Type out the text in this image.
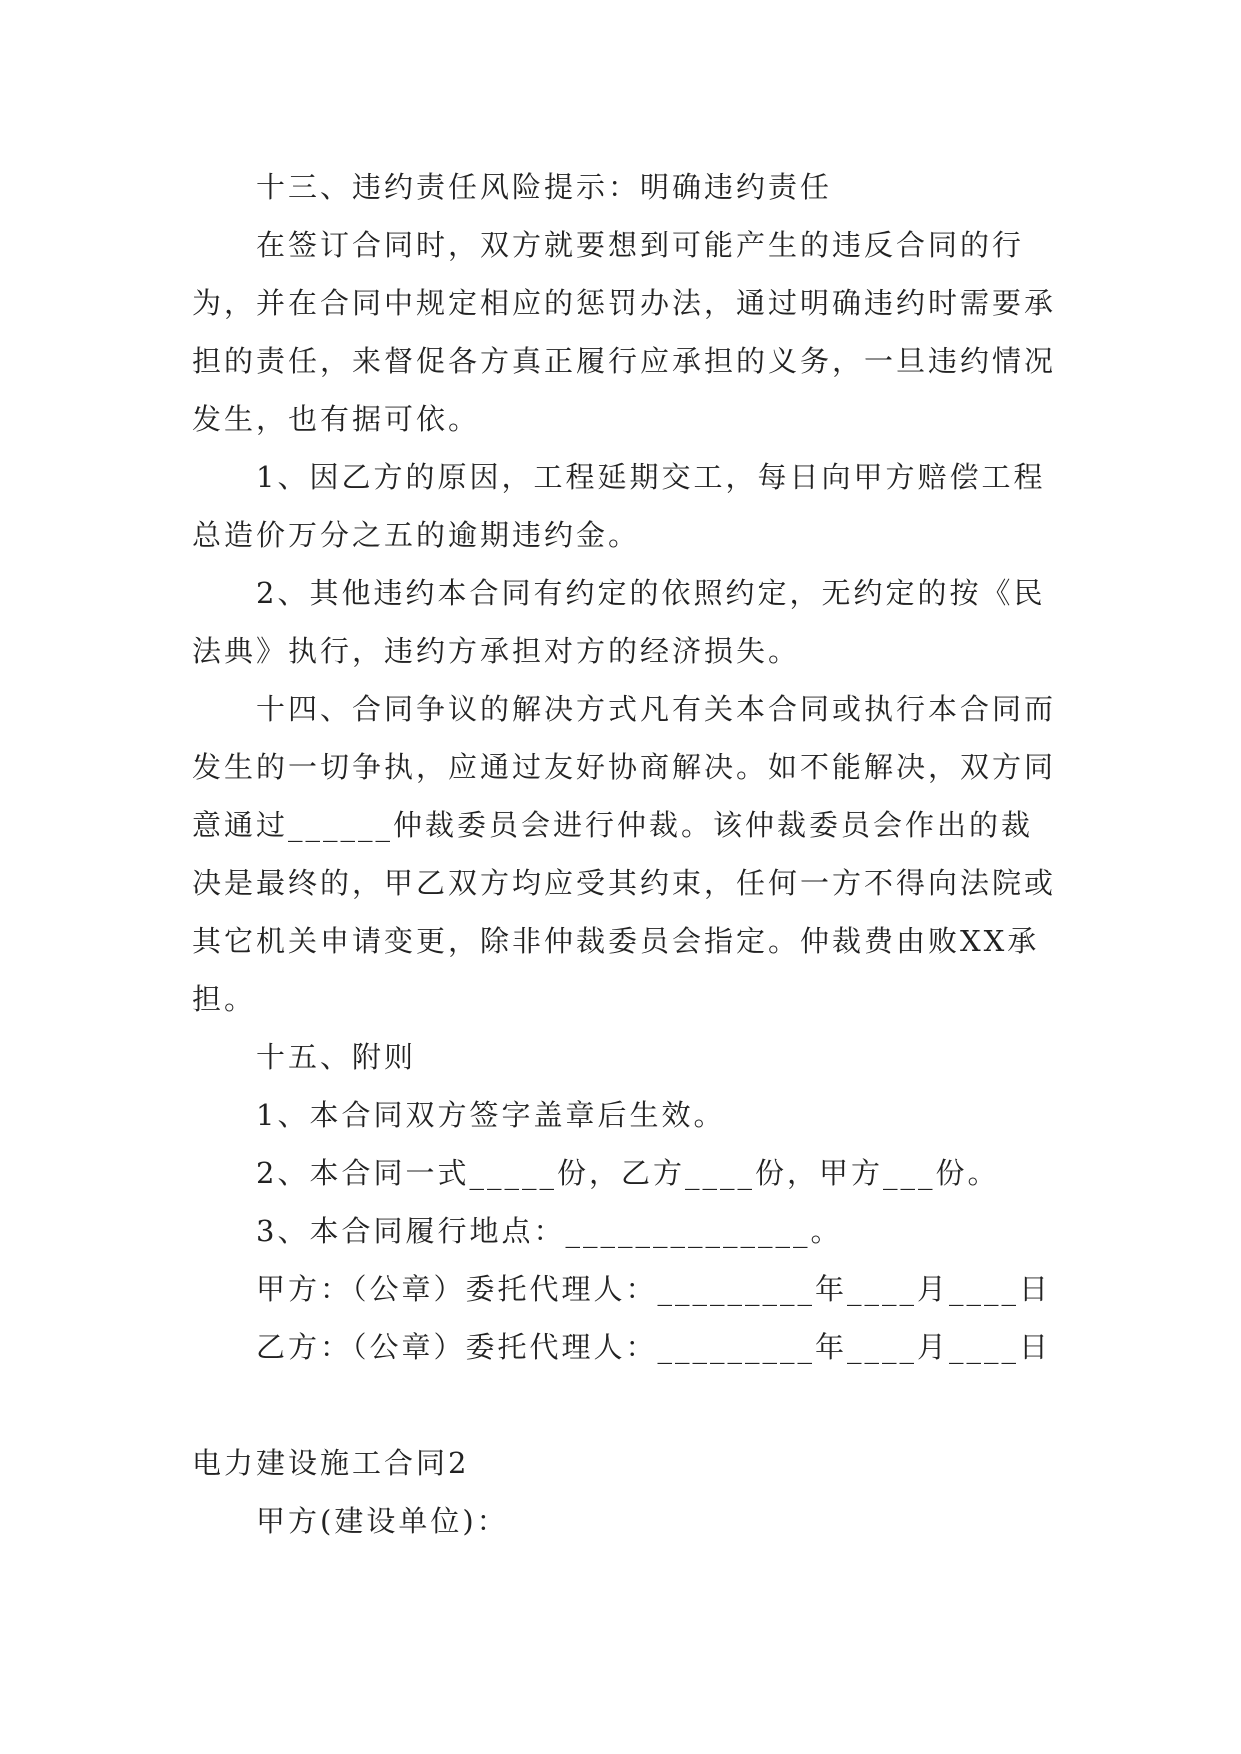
十三、违约责任风险提示：明确违约责任

在签订合同时，双方就要想到可能产生的违反合同的行为，并在合同中规定相应的惩罚办法，通过明确违约时需要承担的责任，来督促各方真正履行应承担的义务，一旦违约情况发生，也有据可依。

1、因乙方的原因，工程延期交工，每日向甲方赔偿工程总造价万分之五的逾期违约金。

2、其他违约本合同有约定的依照约定，无约定的按《民法典》执行，违约方承担对方的经济损失。

十四、合同争议的解决方式凡有关本合同或执行本合同而发生的一切争执，应通过友好协商解决。如不能解决，双方同意通过______仲裁委员会进行仲裁。该仲裁委员会作出的裁决是最终的，甲乙双方均应受其约束，任何一方不得向法院或其它机关申请变更，除非仲裁委员会指定。仲裁费由败XX承担。

十五、附则

1、本合同双方签字盖章后生效。

2、本合同一式_____份，乙方____份，甲方___份。

3、本合同履行地点：______________。

甲方：（公章）委托代理人：_________年____月____日

乙方：（公章）委托代理人：_________年____月____日

电力建设施工合同2

甲方(建设单位)：
